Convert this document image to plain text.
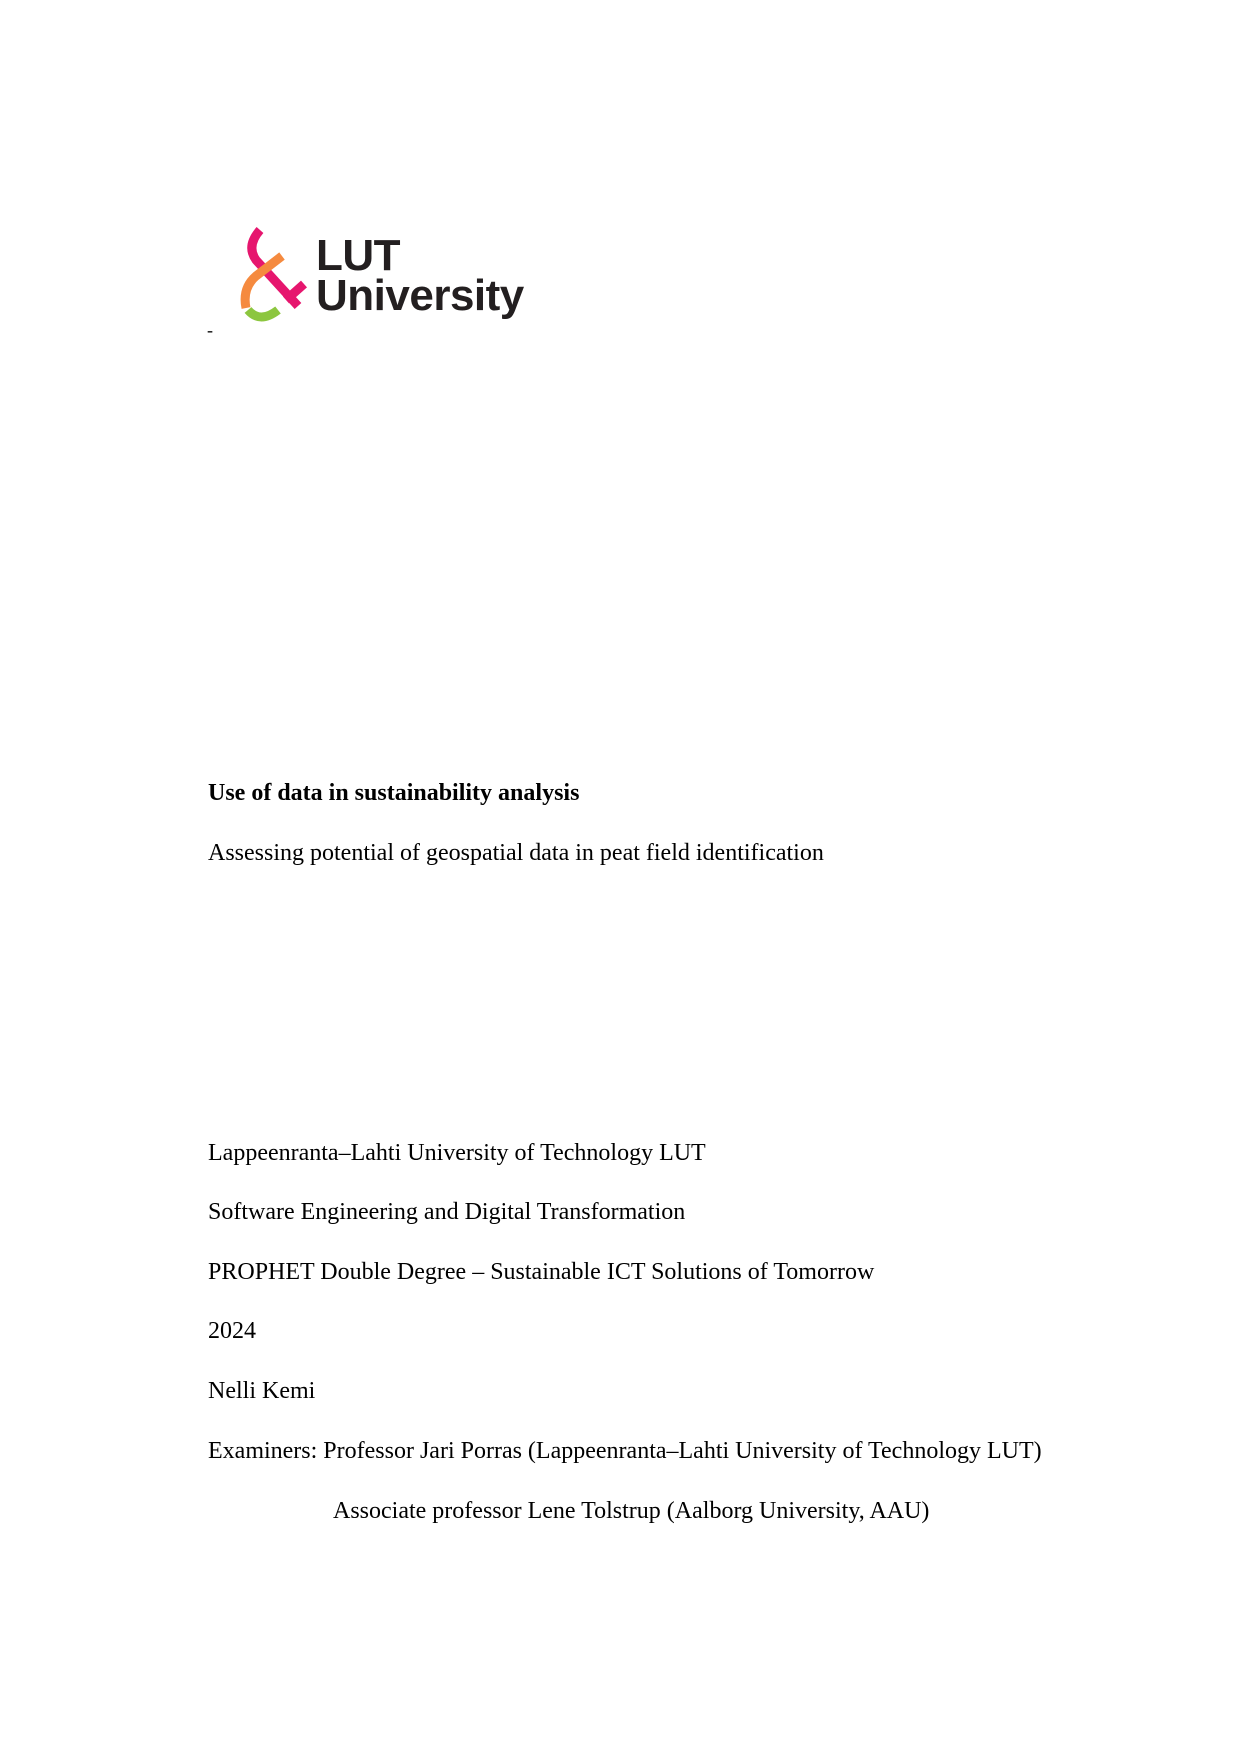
LUT
University
-
Use of data in sustainability analysis
Assessing potential of geospatial data in peat field identification
Lappeenranta–Lahti University of Technology LUT
Software Engineering and Digital Transformation
PROPHET Double Degree – Sustainable ICT Solutions of Tomorrow
2024
Nelli Kemi
Examiners: Professor Jari Porras (Lappeenranta–Lahti University of Technology LUT)
Associate professor Lene Tolstrup (Aalborg University, AAU)
